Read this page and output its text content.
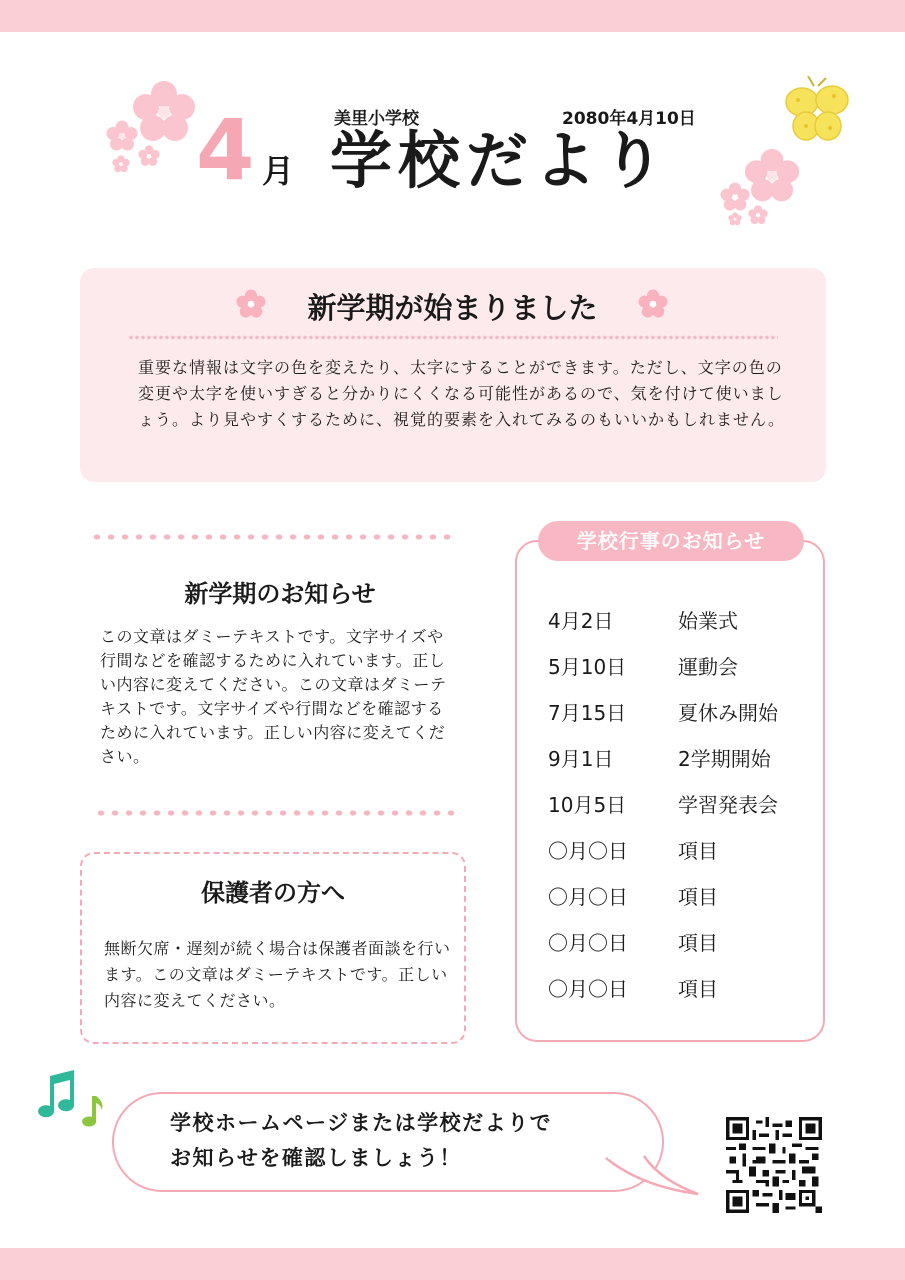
美里小学校	2080年4月10日
4 月 学校だより
新学期が始まりました
重要な情報は文字の色を変えたり、太字にすることができます。ただし、文字の色の変更や太字を使いすぎると分かりにくくなる可能性があるので、気を付けて使いましょう。より見やすくするために、視覚的要素を入れてみるのもいいかもしれません。
新学期のお知らせ
この文章はダミーテキストです。文字サイズや行間などを確認するために入れています。正しい内容に変えてください。この文章はダミーテキストです。文字サイズや行間などを確認するために入れています。正しい内容に変えてください。
保護者の方へ
無断欠席・遅刻が続く場合は保護者面談を行います。この文章はダミーテキストです。正しい内容に変えてください。
学校行事のお知らせ
4月2日	始業式
5月10日	運動会
7月15日	夏休み開始
9月1日	2学期開始
10月5日	学習発表会
〇月〇日	項目
〇月〇日	項目
〇月〇日	項目
〇月〇日	項目
学校ホームページまたは学校だよりで
お知らせを確認しましょう！
